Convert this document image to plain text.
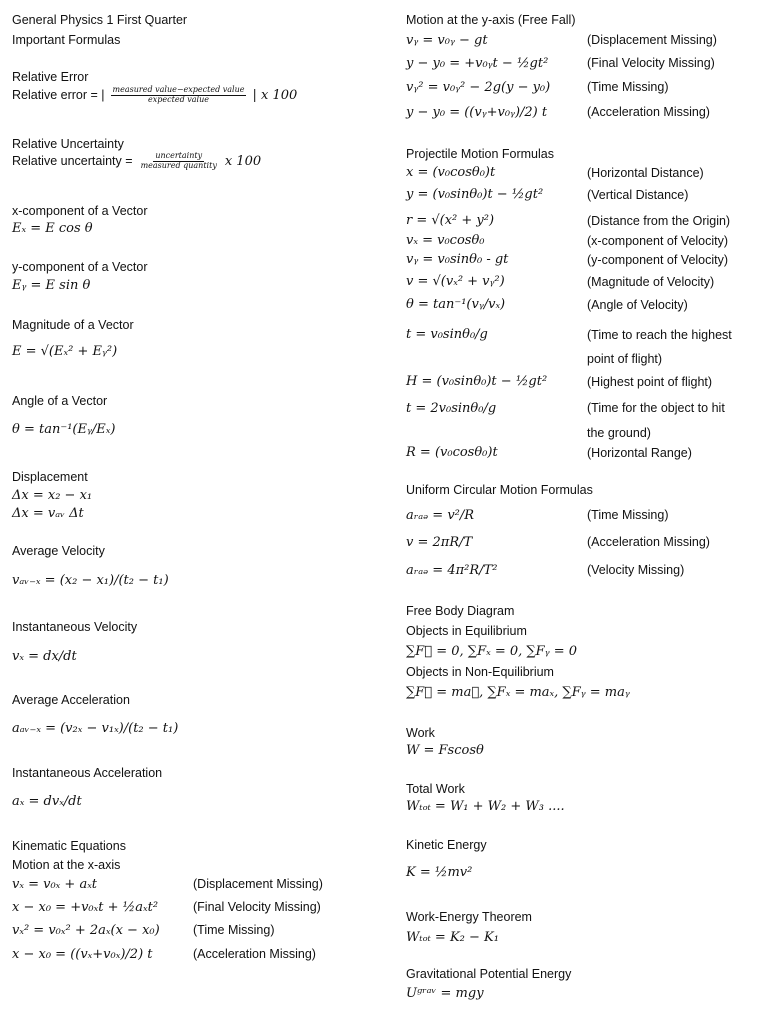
General Physics 1 First Quarter
Important Formulas
Relative Error
Relative error = | $\frac{\text{measured value−expected value}}{\text{expected value}}$ | x 100
Relative Uncertainty
Relative uncertainty = $\frac{\text{uncertainty}}{\text{measured quantity}}$ x 100
x-component of a Vector
Eₓ = E cos θ
y-component of a Vector
Eᵧ = E sin θ
Magnitude of a Vector
E = √(Eₓ² + Eᵧ²)
Angle of a Vector
θ = tan⁻¹(Eᵧ/Eₓ)
Displacement
Δx = x₂ − x₁
Δx = vₐᵥ Δt
Average Velocity
vₐᵥ₋ₓ = (x₂ − x₁)/(t₂ − t₁)
Instantaneous Velocity
vₓ = dx/dt
Average Acceleration
aₐᵥ₋ₓ = (v₂ₓ − v₁ₓ)/(t₂ − t₁)
Instantaneous Acceleration
aₓ = dvₓ/dt
Kinematic Equations
Motion at the x-axis
vₓ = v₀ₓ + aₓt	(Displacement Missing)
x − x₀ = +v₀ₓt + ½aₓt²	(Final Velocity Missing)
vₓ² = v₀ₓ² + 2aₓ(x − x₀)	(Time Missing)
x − x₀ = ((vₓ+v₀ₓ)/2) t	(Acceleration Missing)
Motion at the y-axis (Free Fall)
vᵧ = v₀ᵧ − gt	(Displacement Missing)
y − y₀ = +v₀ᵧt − ½gt²	(Final Velocity Missing)
vᵧ² = v₀ᵧ² − 2g(y − y₀)	(Time Missing)
y − y₀ = ((vᵧ+v₀ᵧ)/2) t	(Acceleration Missing)
Projectile Motion Formulas
x = (v₀cosθ₀)t	(Horizontal Distance)
y = (v₀sinθ₀)t − ½gt²	(Vertical Distance)
r = √(x² + y²)	(Distance from the Origin)
vₓ = v₀cosθ₀	(x-component of Velocity)
vᵧ = v₀sinθ₀ - gt	(y-component of Velocity)
v = √(vₓ² + vᵧ²)	(Magnitude of Velocity)
θ = tan⁻¹(vᵧ/vₓ)	(Angle of Velocity)
t = v₀sinθ₀/g	(Time to reach the highest
point of flight)
H = (v₀sinθ₀)t − ½gt²	(Highest point of flight)
t = 2v₀sinθ₀/g	(Time for the object to hit
the ground)
R = (v₀cosθ₀)t	(Horizontal Range)
Uniform Circular Motion Formulas
aᵣₐₔ = v²/R	(Time Missing)
v = 2πR/T	(Acceleration Missing)
aᵣₐₔ = 4π²R/T²	(Velocity Missing)
Free Body Diagram
Objects in Equilibrium
∑F⃗ = 0, ∑Fₓ = 0, ∑Fᵧ = 0
Objects in Non-Equilibrium
∑F⃗ = ma⃗, ∑Fₓ = maₓ, ∑Fᵧ = maᵧ
Work
W = Fscosθ
Total Work
Wₜₒₜ = W₁ + W₂ + W₃ ....
Kinetic Energy
K = ½mv²
Work-Energy Theorem
Wₜₒₜ = K₂ − K₁
Gravitational Potential Energy
Uᵍʳᵃᵛ = mgy
